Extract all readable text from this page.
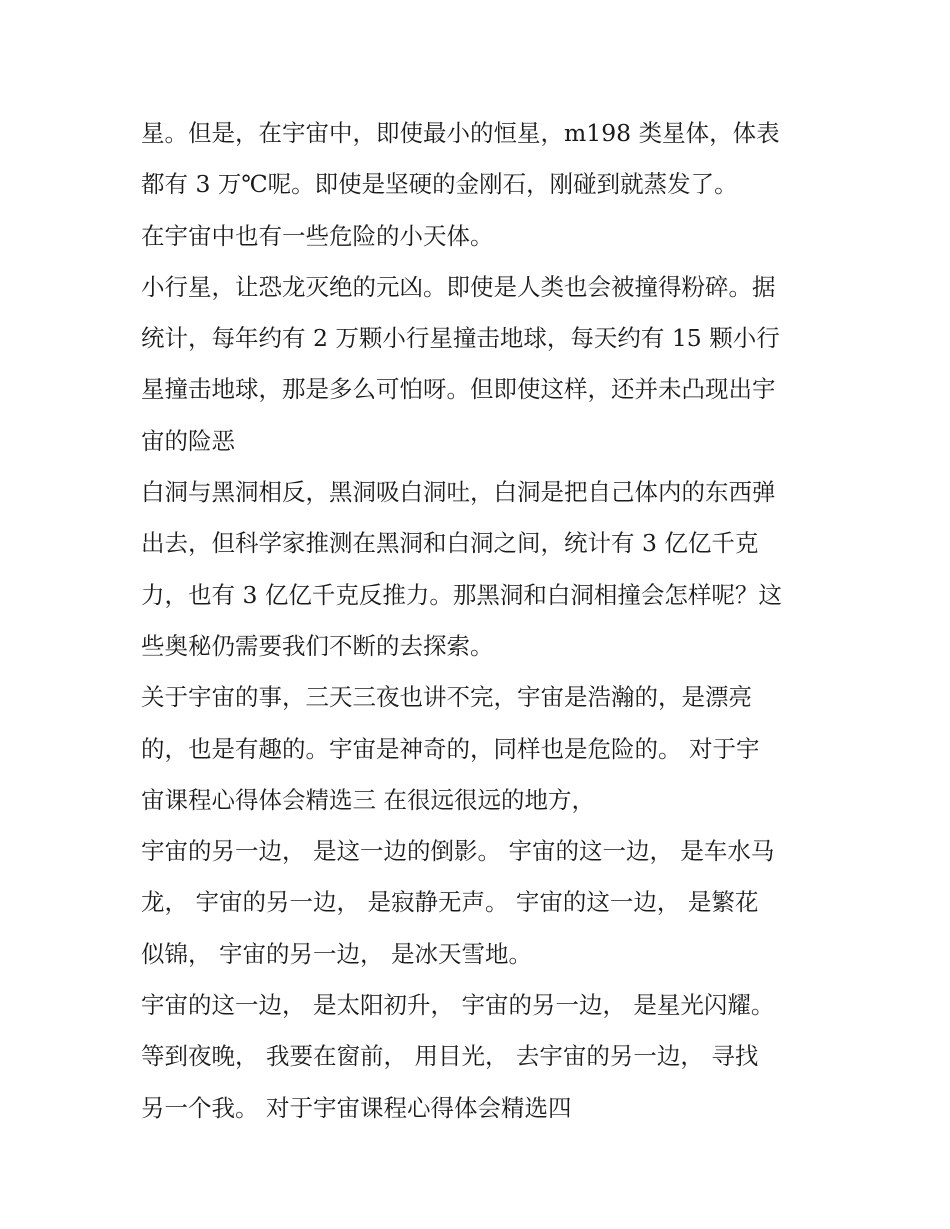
星。但是，在宇宙中，即使最小的恒星，m198 类星体，体表
都有 3 万℃呢。即使是坚硬的金刚石，刚碰到就蒸发了。
在宇宙中也有一些危险的小天体。
小行星，让恐龙灭绝的元凶。即使是人类也会被撞得粉碎。据
统计，每年约有 2 万颗小行星撞击地球，每天约有 15 颗小行
星撞击地球，那是多么可怕呀。但即使这样，还并未凸现出宇
宙的险恶
白洞与黑洞相反，黑洞吸白洞吐，白洞是把自己体内的东西弹
出去，但科学家推测在黑洞和白洞之间，统计有 3 亿亿千克
力，也有 3 亿亿千克反推力。那黑洞和白洞相撞会怎样呢？这
些奥秘仍需要我们不断的去探索。
关于宇宙的事，三天三夜也讲不完，宇宙是浩瀚的，是漂亮
的，也是有趣的。宇宙是神奇的，同样也是危险的。 对于宇
宙课程心得体会精选三 在很远很远的地方，
宇宙的另一边， 是这一边的倒影。 宇宙的这一边， 是车水马
龙， 宇宙的另一边， 是寂静无声。 宇宙的这一边， 是繁花
似锦， 宇宙的另一边， 是冰天雪地。
宇宙的这一边， 是太阳初升， 宇宙的另一边， 是星光闪耀。
等到夜晚， 我要在窗前， 用目光， 去宇宙的另一边， 寻找
另一个我。 对于宇宙课程心得体会精选四
